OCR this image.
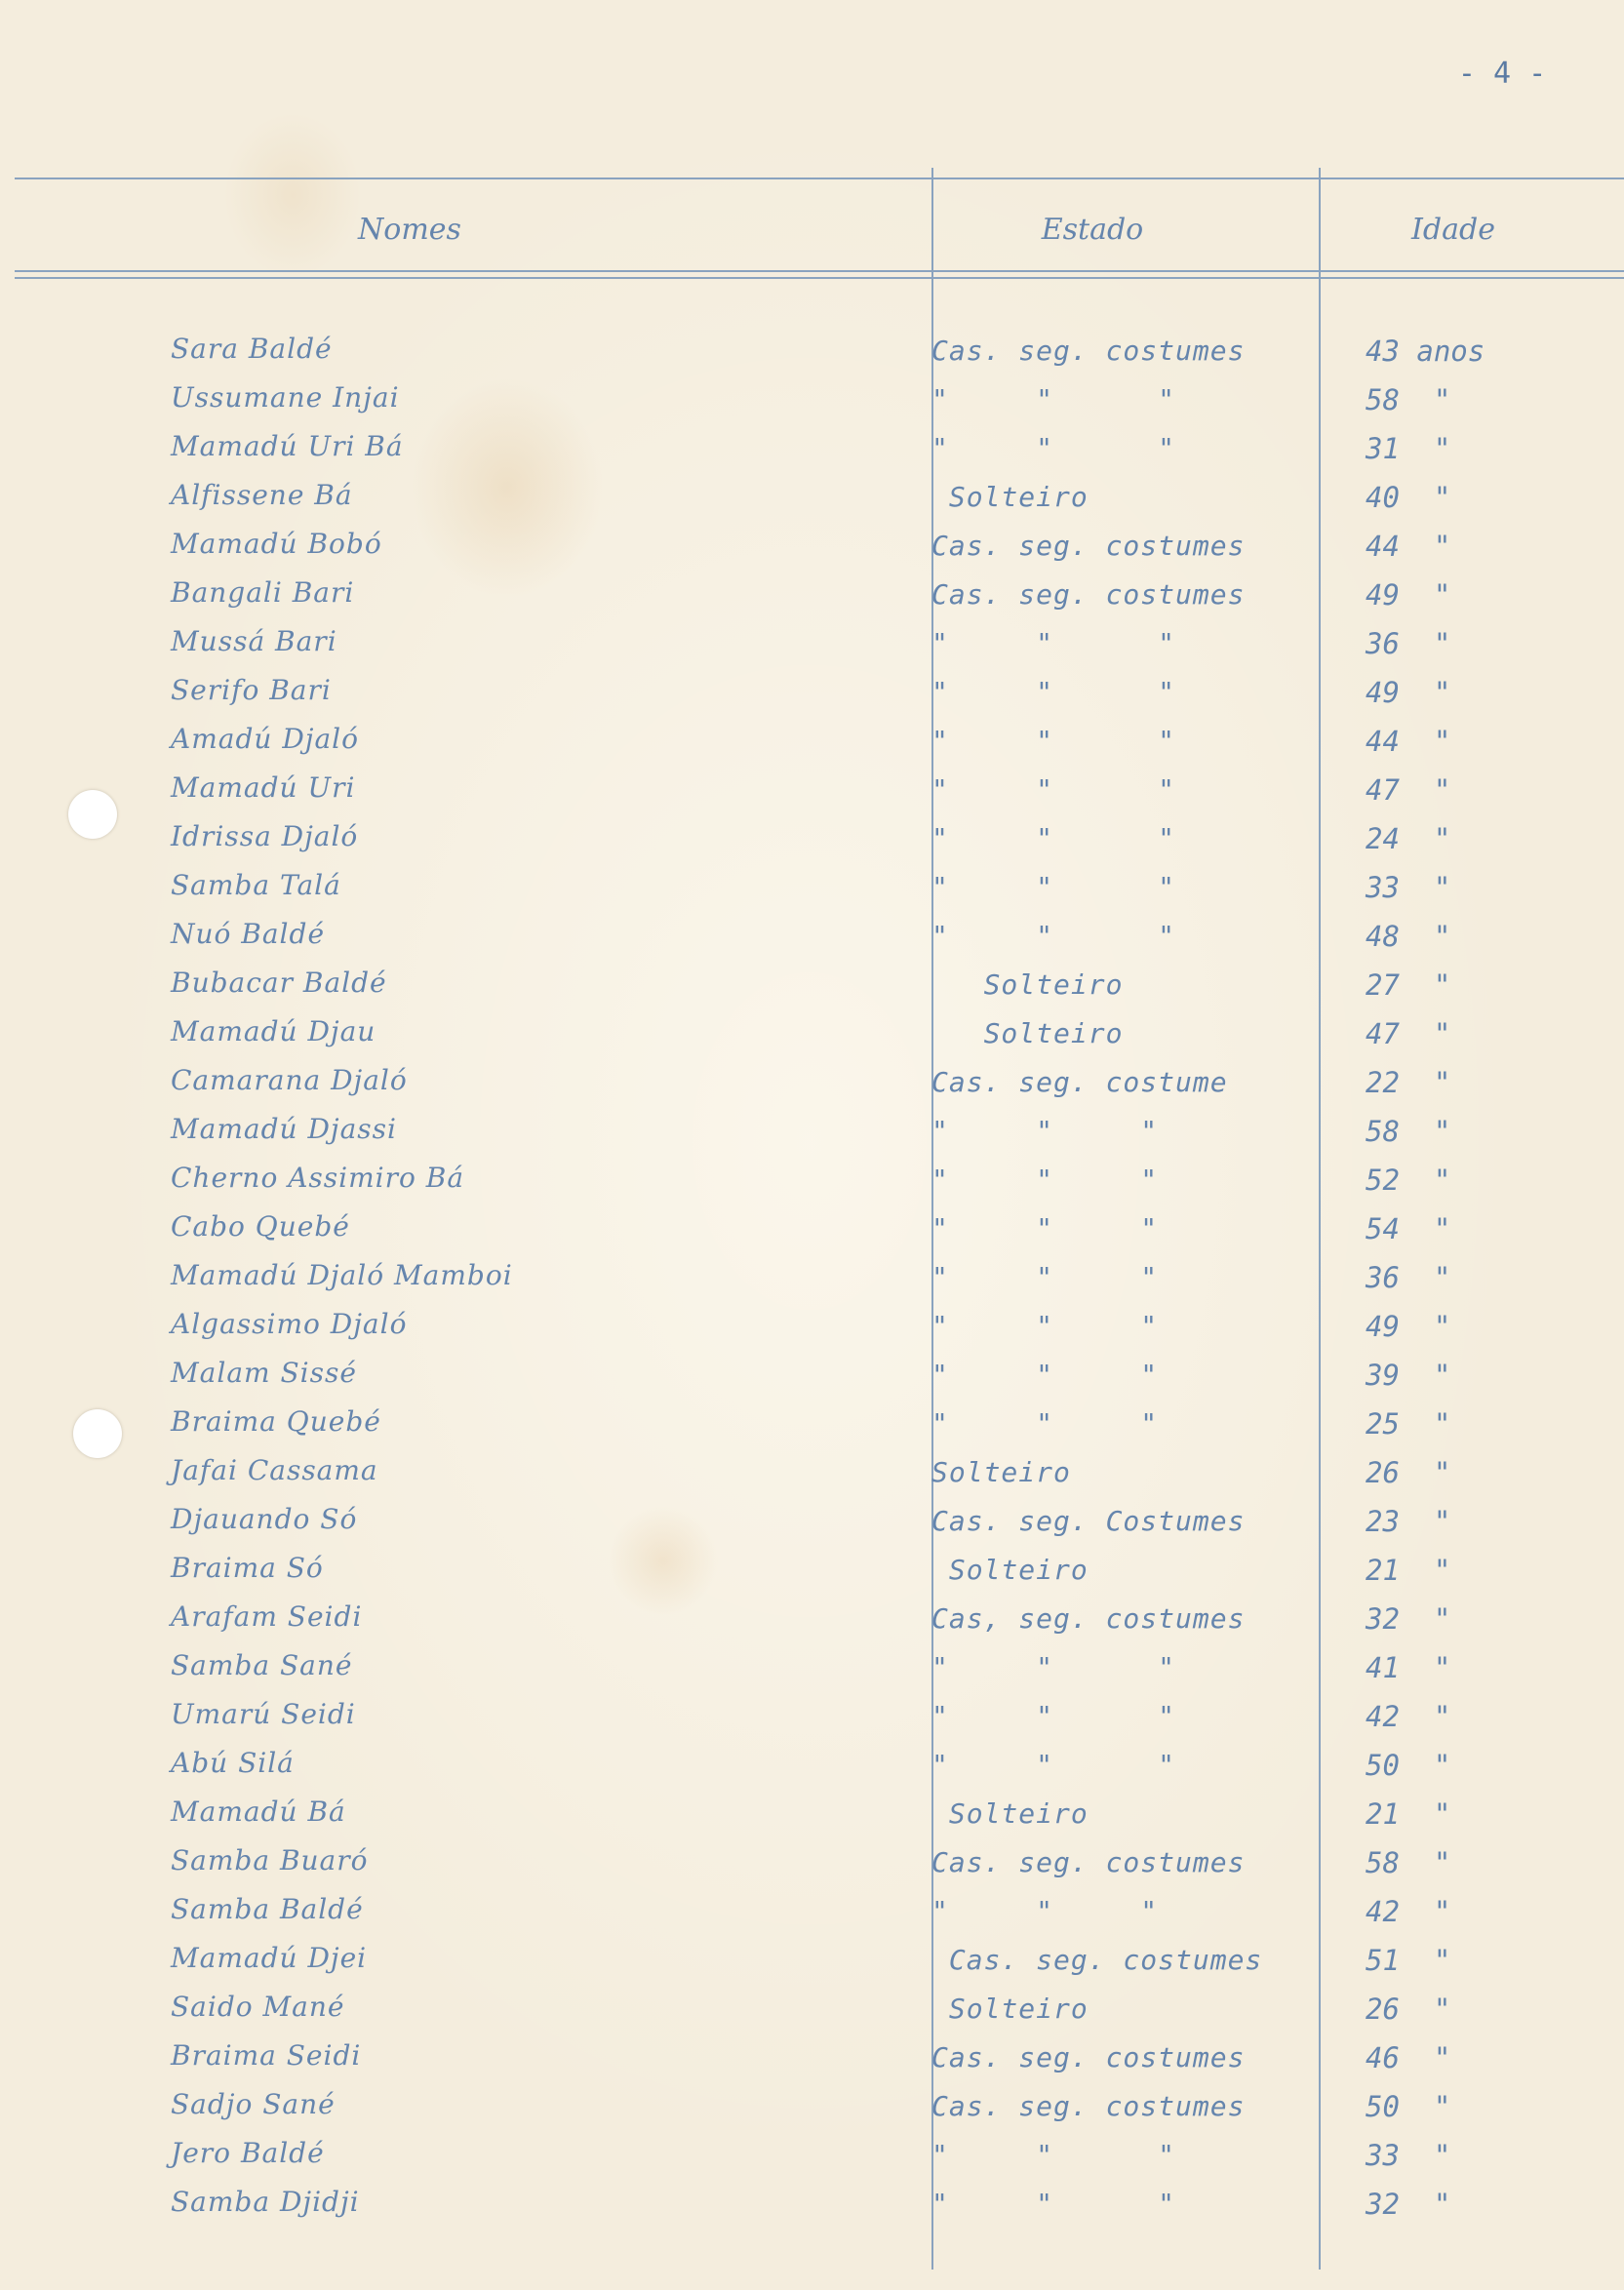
- 4 -
Nomes	Estado	Idade
Sara Baldé	Cas. seg. costumes	43 anos
Ussumane Injai	"     "      "	58  "
Mamadú Uri Bá	"     "      "	31  "
Alfissene Bá	Solteiro	40  "
Mamadú Bobó	Cas. seg. costumes	44  "
Bangali Bari	Cas. seg. costumes	49  "
Mussá Bari	"     "      "	36  "
Serifo Bari	"     "      "	49  "
Amadú Djaló	"     "      "	44  "
Mamadú Uri	"     "      "	47  "
Idrissa Djaló	"     "      "	24  "
Samba Talá	"     "      "	33  "
Nuó Baldé	"     "      "	48  "
Bubacar Baldé	Solteiro	27  "
Mamadú Djau	Solteiro	47  "
Camarana Djaló	Cas. seg. costume	22  "
Mamadú Djassi	"     "     "	58  "
Cherno Assimiro Bá	"     "     "	52  "
Cabo Quebé	"     "     "	54  "
Mamadú Djaló Mamboi	"     "     "	36  "
Algassimo Djaló	"     "     "	49  "
Malam Sissé	"     "     "	39  "
Braima Quebé	"     "     "	25  "
Jafai Cassama	Solteiro	26  "
Djauando Só	Cas. seg. Costumes	23  "
Braima Só	Solteiro	21  "
Arafam Seidi	Cas, seg. costumes	32  "
Samba Sané	"     "      "	41  "
Umarú Seidi	"     "      "	42  "
Abú Silá	"     "      "	50  "
Mamadú Bá	Solteiro	21  "
Samba Buaró	Cas. seg. costumes	58  "
Samba Baldé	"     "     "	42  "
Mamadú Djei	Cas. seg. costumes	51  "
Saido Mané	Solteiro	26  "
Braima Seidi	Cas. seg. costumes	46  "
Sadjo Sané	Cas. seg. costumes	50  "
Jero Baldé	"     "      "	33  "
Samba Djidji	"     "      "	32  "
